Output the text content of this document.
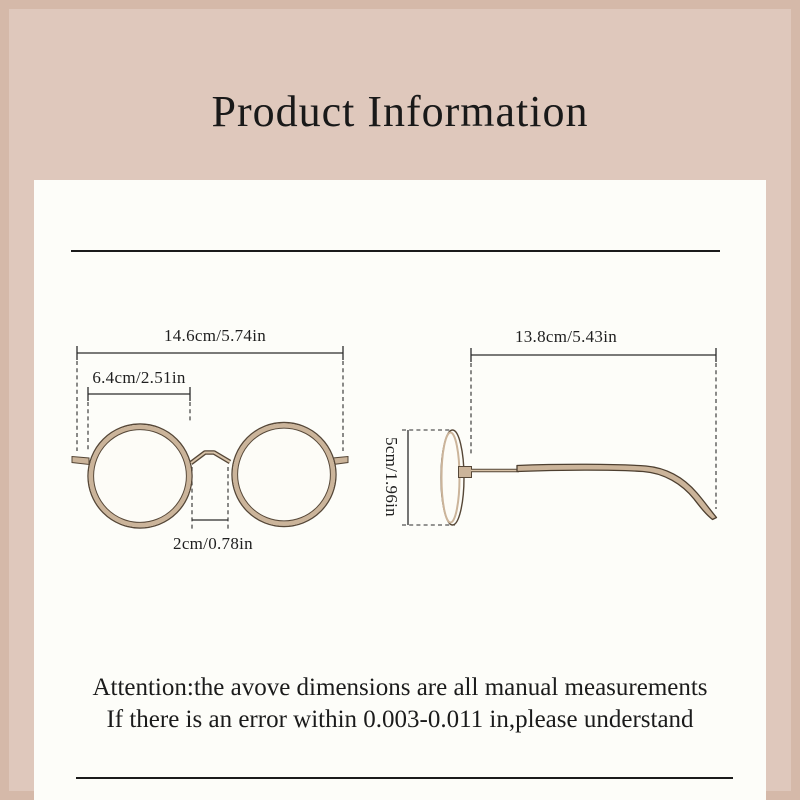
Product Information
14.6cm/5.74in
6.4cm/2.51in
2cm/0.78in
13.8cm/5.43in
5cm/1.96in
Attention:the avove dimensions are all manual measurements
If there is an error within 0.003-0.011 in,please understand
